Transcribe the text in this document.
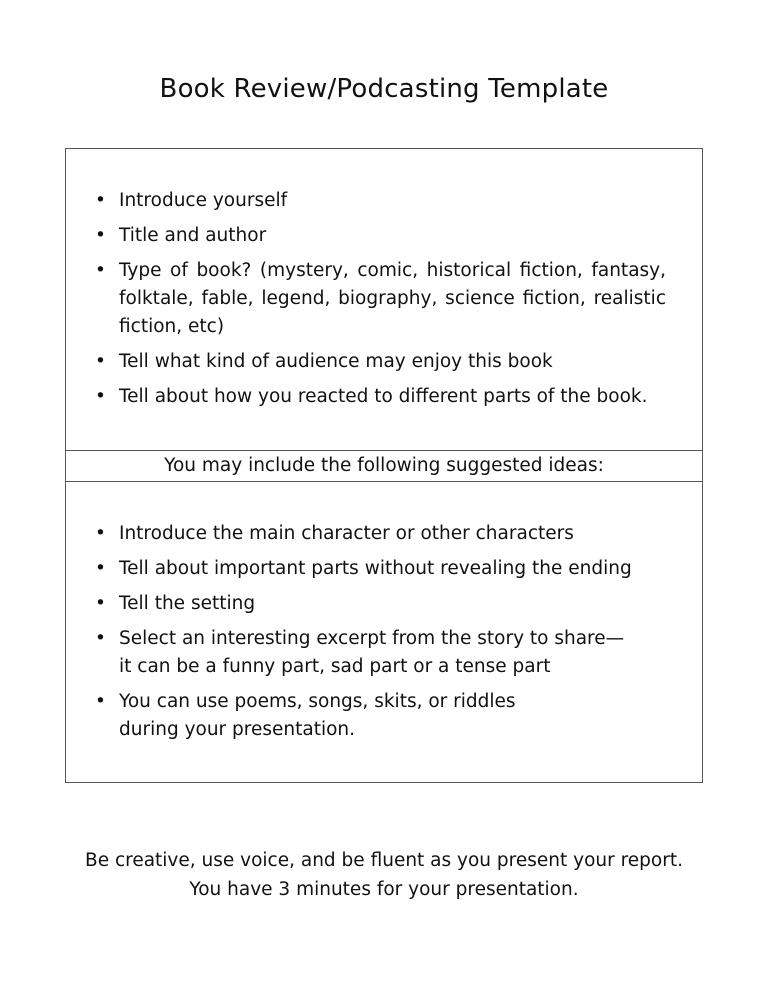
Book Review/Podcasting Template
• Introduce yourself
• Title and author
• Type of book? (mystery, comic, historical fiction, fantasy, folktale, fable, legend, biography, science fiction, realistic fiction, etc)
• Tell what kind of audience may enjoy this book
• Tell about how you reacted to different parts of the book.
You may include the following suggested ideas:
• Introduce the main character or other characters
• Tell about important parts without revealing the ending
• Tell the setting
• Select an interesting excerpt from the story to share— it can be a funny part, sad part or a tense part
• You can use poems, songs, skits, or riddles during your presentation.
Be creative, use voice, and be fluent as you present your report.
You have 3 minutes for your presentation.
